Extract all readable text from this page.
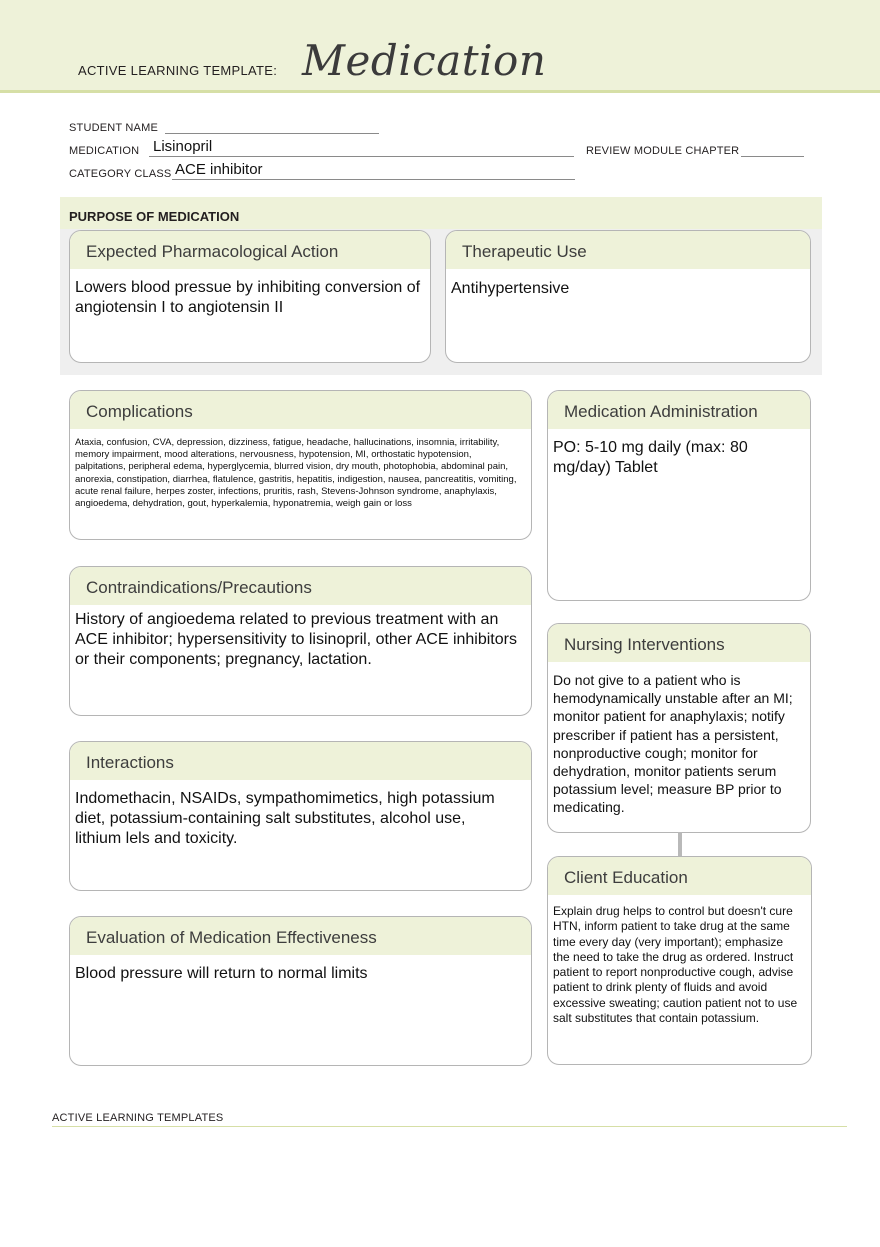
ACTIVE LEARNING TEMPLATE: Medication
STUDENT NAME
MEDICATION Lisinopril	REVIEW MODULE CHAPTER
CATEGORY CLASS ACE inhibitor
PURPOSE OF MEDICATION
Expected Pharmacological Action
Lowers blood pressue by inhibiting conversion of angiotensin I to angiotensin II
Therapeutic Use
Antihypertensive
Complications
Ataxia, confusion, CVA, depression, dizziness, fatigue, headache, hallucinations, insomnia, irritability, memory impairment, mood alterations, nervousness, hypotension, MI, orthostatic hypotension, palpitations, peripheral edema, hyperglycemia, blurred vision, dry mouth, photophobia, abdominal pain, anorexia, constipation, diarrhea, flatulence, gastritis, hepatitis, indigestion, nausea, pancreatitis, vomiting, acute renal failure, herpes zoster, infections, pruritis, rash, Stevens-Johnson syndrome, anaphylaxis, angioedema, dehydration, gout, hyperkalemia, hyponatremia, weigh gain or loss
Medication Administration
PO: 5-10 mg daily (max: 80 mg/day) Tablet
Contraindications/Precautions
History of angioedema related to previous treatment with an ACE inhibitor; hypersensitivity to lisinopril, other ACE inhibitors or their components; pregnancy, lactation.
Nursing Interventions
Do not give to a patient who is hemodynamically unstable after an MI; monitor patient for anaphylaxis; notify prescriber if patient has a persistent, nonproductive cough; monitor for dehydration, monitor patients serum potassium level; measure BP prior to medicating.
Interactions
Indomethacin, NSAIDs, sympathomimetics, high potassium diet, potassium-containing salt substitutes, alcohol use, lithium lels and toxicity.
Client Education
Explain drug helps to control but doesn't cure HTN, inform patient to take drug at the same time every day (very important); emphasize the need to take the drug as ordered. Instruct patient to report nonproductive cough, advise patient to drink plenty of fluids and avoid excessive sweating; caution patient not to use salt substitutes that contain potassium.
Evaluation of Medication Effectiveness
Blood pressure will return to normal limits
ACTIVE LEARNING TEMPLATES
